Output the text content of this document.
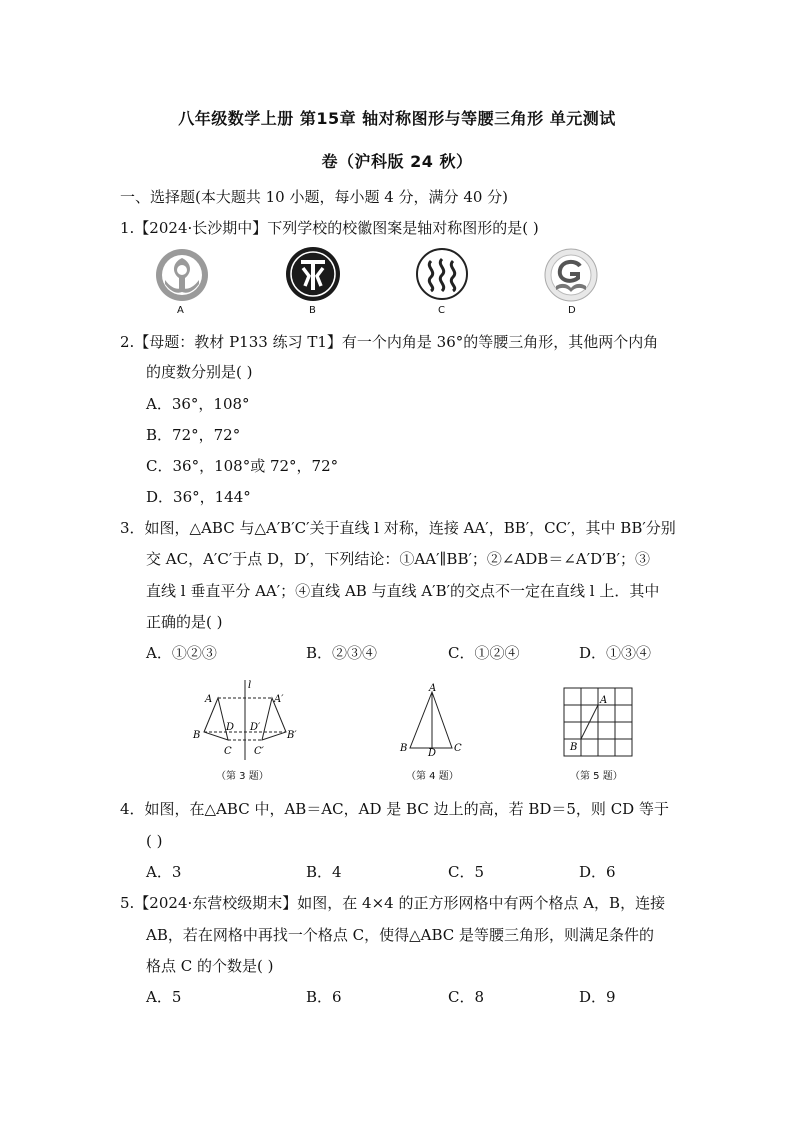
八年级数学上册 第15章 轴对称图形与等腰三角形 单元测试
卷（沪科版 24 秋）
一、选择题(本大题共 10 小题，每小题 4 分，满分 40 分)
1.【2024·长沙期中】下列学校的校徽图案是轴对称图形的是( )
A	B	C	D
2.【母题：教材 P133 练习 T1】有一个内角是 36°的等腰三角形，其他两个内角
的度数分别是( )
A．36°，108°
B．72°，72°
C．36°，108°或 72°，72°
D．36°，144°
3．如图，△ABC 与△A′B′C′关于直线 l 对称，连接 AA′，BB′，CC′，其中 BB′分别
交 AC，A′C′于点 D，D′，下列结论：①AA′∥BB′；②∠ADB＝∠A′D′B′；③
直线 l 垂直平分 AA′；④直线 AB 与直线 A′B′的交点不一定在直线 l 上．其中
正确的是( )
A．①②③	B．②③④	C．①②④	D．①③④
A	A′
l
D D′
B	B′
C C′
（第 3 题）
A
B D C
（第 4 题）
A
B
（第 5 题）
4．如图，在△ABC 中，AB＝AC，AD 是 BC 边上的高，若 BD＝5，则 CD 等于
( )
A．3	B．4	C．5	D．6
5.【2024·东营校级期末】如图，在 4×4 的正方形网格中有两个格点 A，B，连接
AB，若在网格中再找一个格点 C，使得△ABC 是等腰三角形，则满足条件的
格点 C 的个数是( )
A．5	B．6	C．8	D．9
